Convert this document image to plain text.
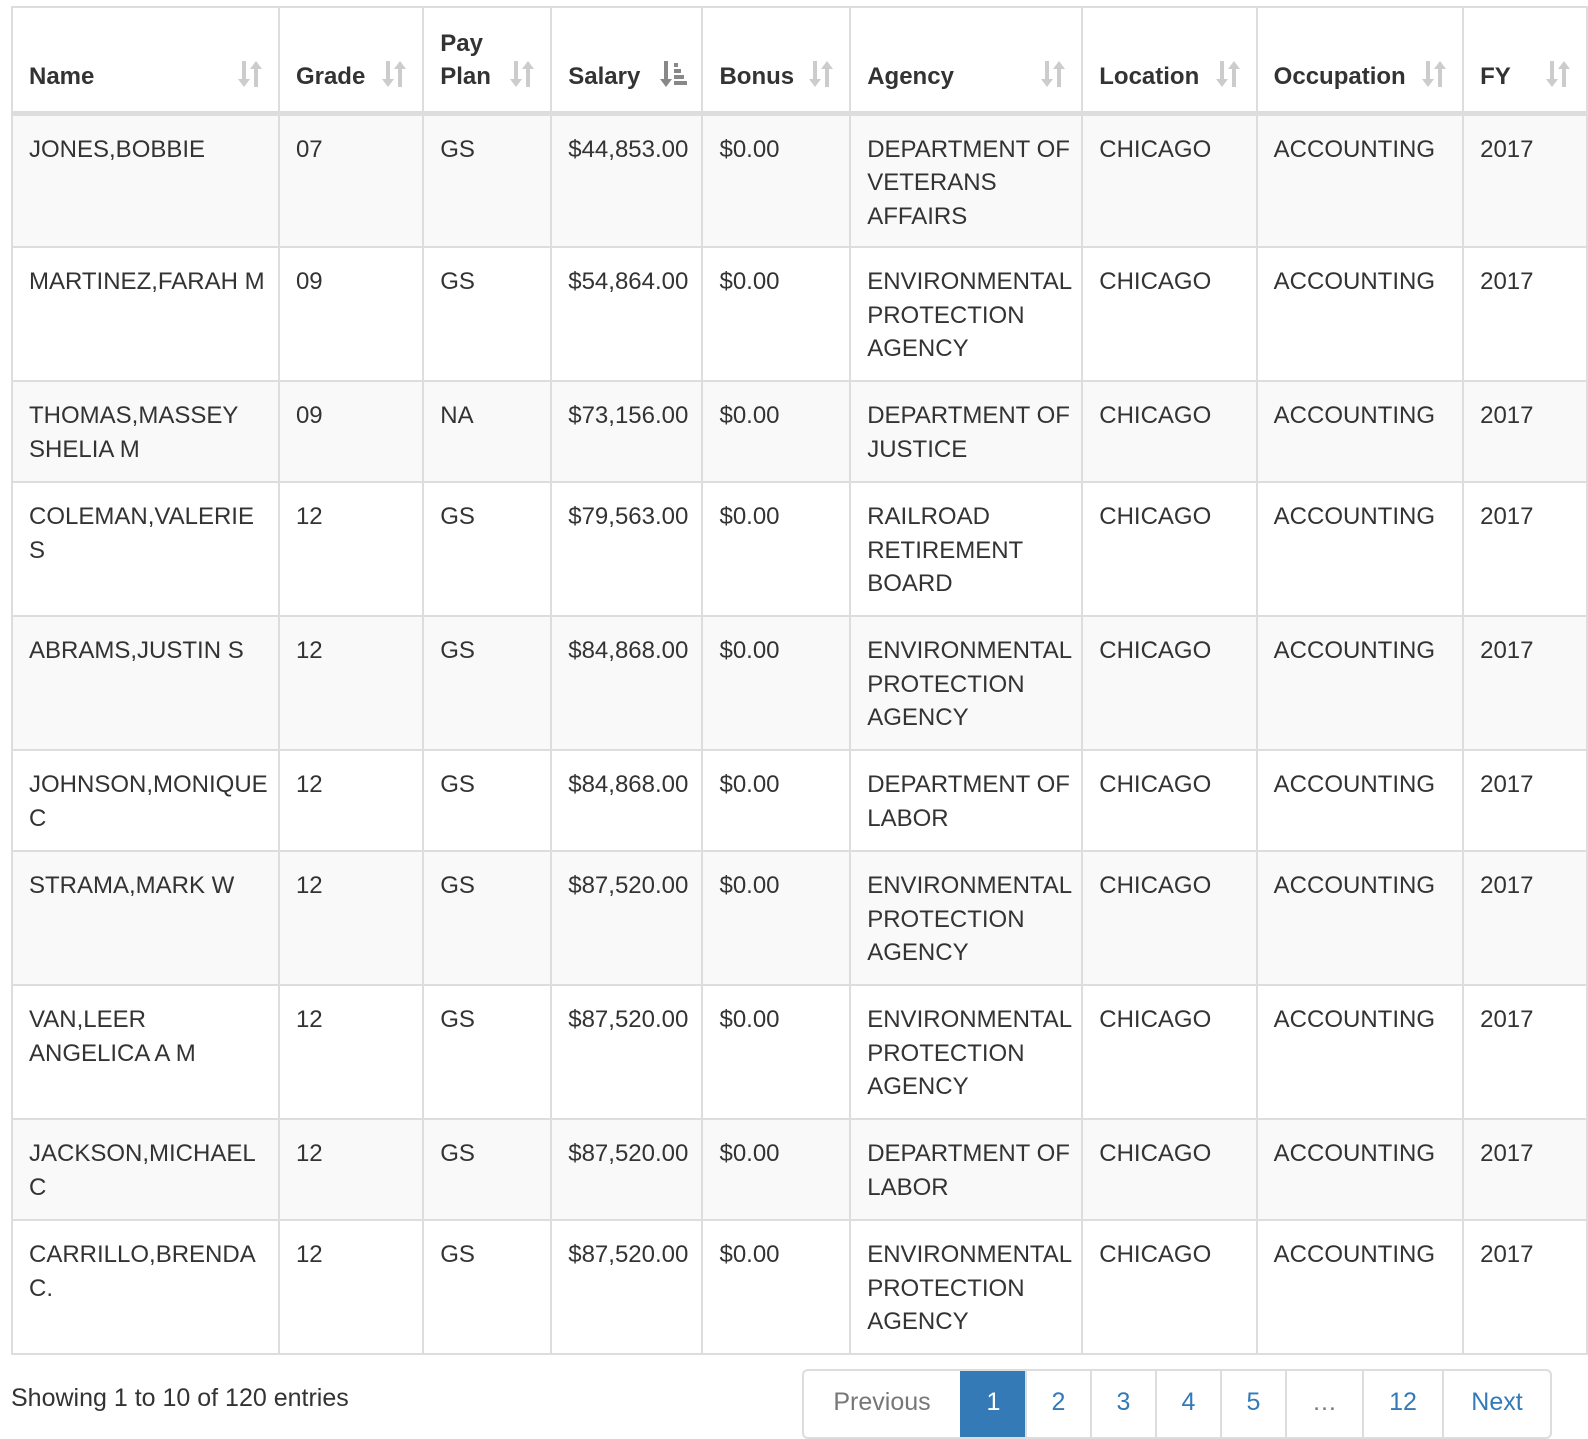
Name	Grade	Pay Plan	Salary	Bonus	Agency	Location	Occupation	FY

JONES,BOBBIE	07	GS	$44,853.00	$0.00	DEPARTMENT OF VETERANS AFFAIRS	CHICAGO	ACCOUNTING	2017
MARTINEZ,FARAH M	09	GS	$54,864.00	$0.00	ENVIRONMENTAL PROTECTION AGENCY	CHICAGO	ACCOUNTING	2017
THOMAS,MASSEY SHELIA M	09	NA	$73,156.00	$0.00	DEPARTMENT OF JUSTICE	CHICAGO	ACCOUNTING	2017
COLEMAN,VALERIE S	12	GS	$79,563.00	$0.00	RAILROAD RETIREMENT BOARD	CHICAGO	ACCOUNTING	2017
ABRAMS,JUSTIN S	12	GS	$84,868.00	$0.00	ENVIRONMENTAL PROTECTION AGENCY	CHICAGO	ACCOUNTING	2017
JOHNSON,MONIQUE C	12	GS	$84,868.00	$0.00	DEPARTMENT OF LABOR	CHICAGO	ACCOUNTING	2017
STRAMA,MARK W	12	GS	$87,520.00	$0.00	ENVIRONMENTAL PROTECTION AGENCY	CHICAGO	ACCOUNTING	2017
VAN,LEER ANGELICA A M	12	GS	$87,520.00	$0.00	ENVIRONMENTAL PROTECTION AGENCY	CHICAGO	ACCOUNTING	2017
JACKSON,MICHAEL C	12	GS	$87,520.00	$0.00	DEPARTMENT OF LABOR	CHICAGO	ACCOUNTING	2017
CARRILLO,BRENDA C.	12	GS	$87,520.00	$0.00	ENVIRONMENTAL PROTECTION AGENCY	CHICAGO	ACCOUNTING	2017
Showing 1 to 10 of 120 entries	Previous	1	2	3	4	5	…	12	Next
